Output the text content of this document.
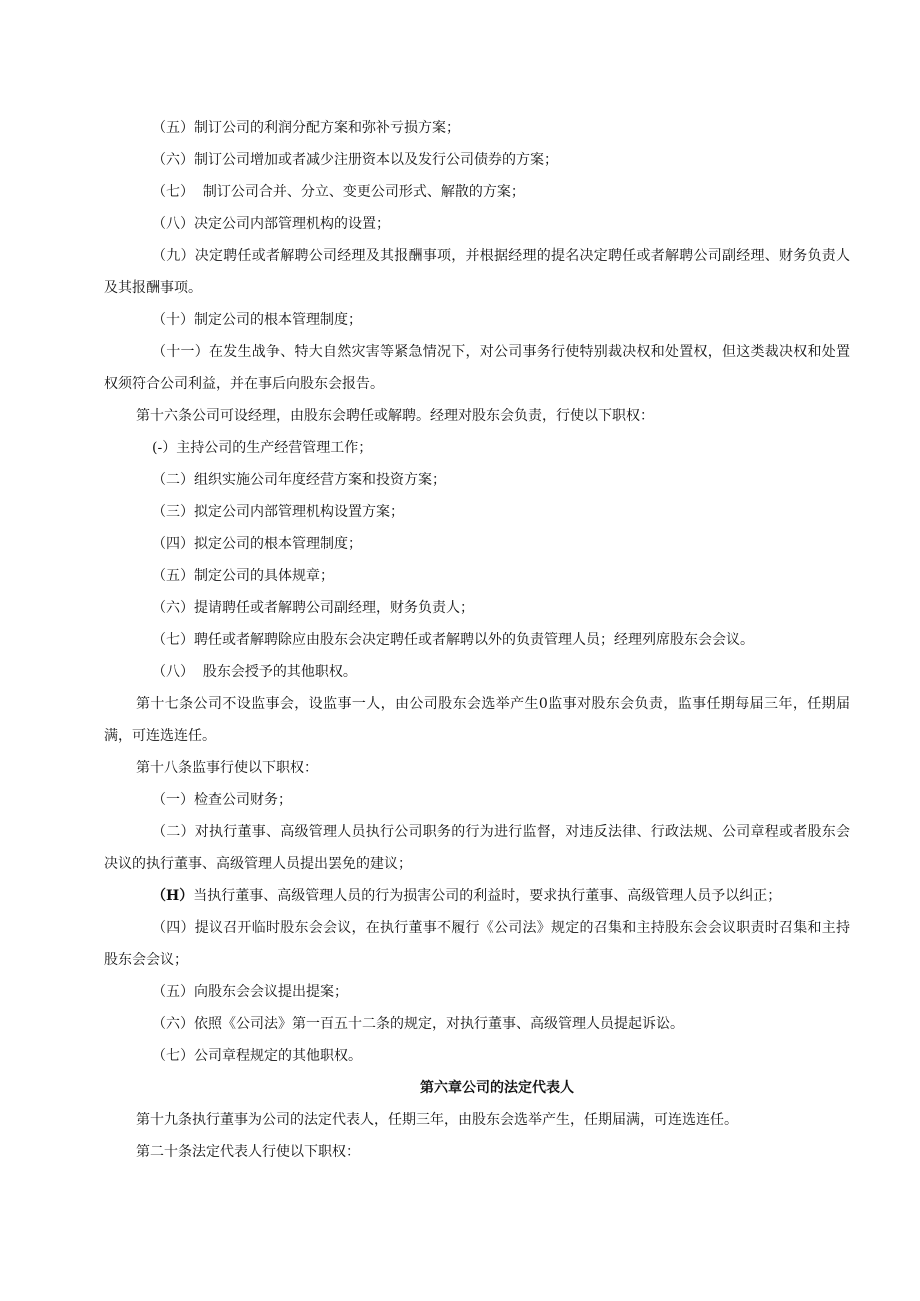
（五）制订公司的利润分配方案和弥补亏损方案；

（六）制订公司增加或者减少注册资本以及发行公司债券的方案；

（七）  制订公司合并、分立、变更公司形式、解散的方案；

（八）决定公司内部管理机构的设置；

（九）决定聘任或者解聘公司经理及其报酬事项，并根据经理的提名决定聘任或者解聘公司副经理、财务负责人及其报酬事项。

（十）制定公司的根本管理制度；

（十一）在发生战争、特大自然灾害等紧急情况下，对公司事务行使特别裁决权和处置权，但这类裁决权和处置权须符合公司利益，并在事后向股东会报告。

第十六条公司可设经理，由股东会聘任或解聘。经理对股东会负责，行使以下职权：

(-）主持公司的生产经营管理工作；

（二）组织实施公司年度经营方案和投资方案；

（三）拟定公司内部管理机构设置方案；

（四）拟定公司的根本管理制度；

（五）制定公司的具体规章；

（六）提请聘任或者解聘公司副经理，财务负责人；

（七）聘任或者解聘除应由股东会决定聘任或者解聘以外的负责管理人员；经理列席股东会会议。

（八）  股东会授予的其他职权。

第十七条公司不设监事会，设监事一人，由公司股东会选举产生0监事对股东会负责，监事任期每届三年，任期届满，可连选连任。

第十八条监事行使以下职权：

（一）检查公司财务；

（二）对执行董事、高级管理人员执行公司职务的行为进行监督，对违反法律、行政法规、公司章程或者股东会决议的执行董事、高级管理人员提出罢免的建议；

（H）当执行董事、高级管理人员的行为损害公司的利益时，要求执行董事、高级管理人员予以纠正；

（四）提议召开临时股东会会议，在执行董事不履行《公司法》规定的召集和主持股东会会议职责时召集和主持股东会会议；

（五）向股东会会议提出提案；

（六）依照《公司法》第一百五十二条的规定，对执行董事、高级管理人员提起诉讼。

（七）公司章程规定的其他职权。

第六章公司的法定代表人

第十九条执行董事为公司的法定代表人，任期三年，由股东会选举产生，任期届满，可连选连任。

第二十条法定代表人行使以下职权：
